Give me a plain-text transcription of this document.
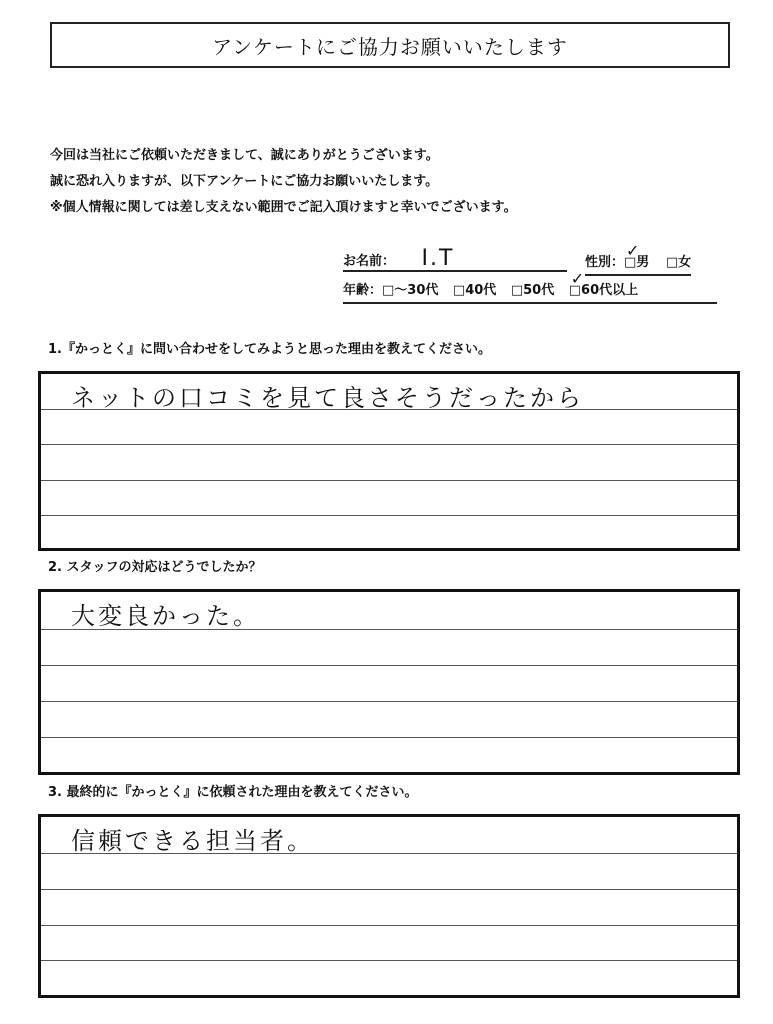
アンケートにご協力お願いいたします
今回は当社にご依頼いただきまして、誠にありがとうございます。
誠に恐れ入りますが、以下アンケートにご協力お願いいたします。
※個人情報に関しては差し支えない範囲でご記入頂けますと幸いでございます。
お名前： I.T	性別：
✓
□男 □女
年齢：□～30代 □40代 □50代
✓
□60代以上
1.『かっとく』に問い合わせをしてみようと思った理由を教えてください。
ネットの口コミを見て良さそうだったから
2. スタッフの対応はどうでしたか？
大変良かった。
3. 最終的に『かっとく』に依頼された理由を教えてください。
信頼できる担当者。
